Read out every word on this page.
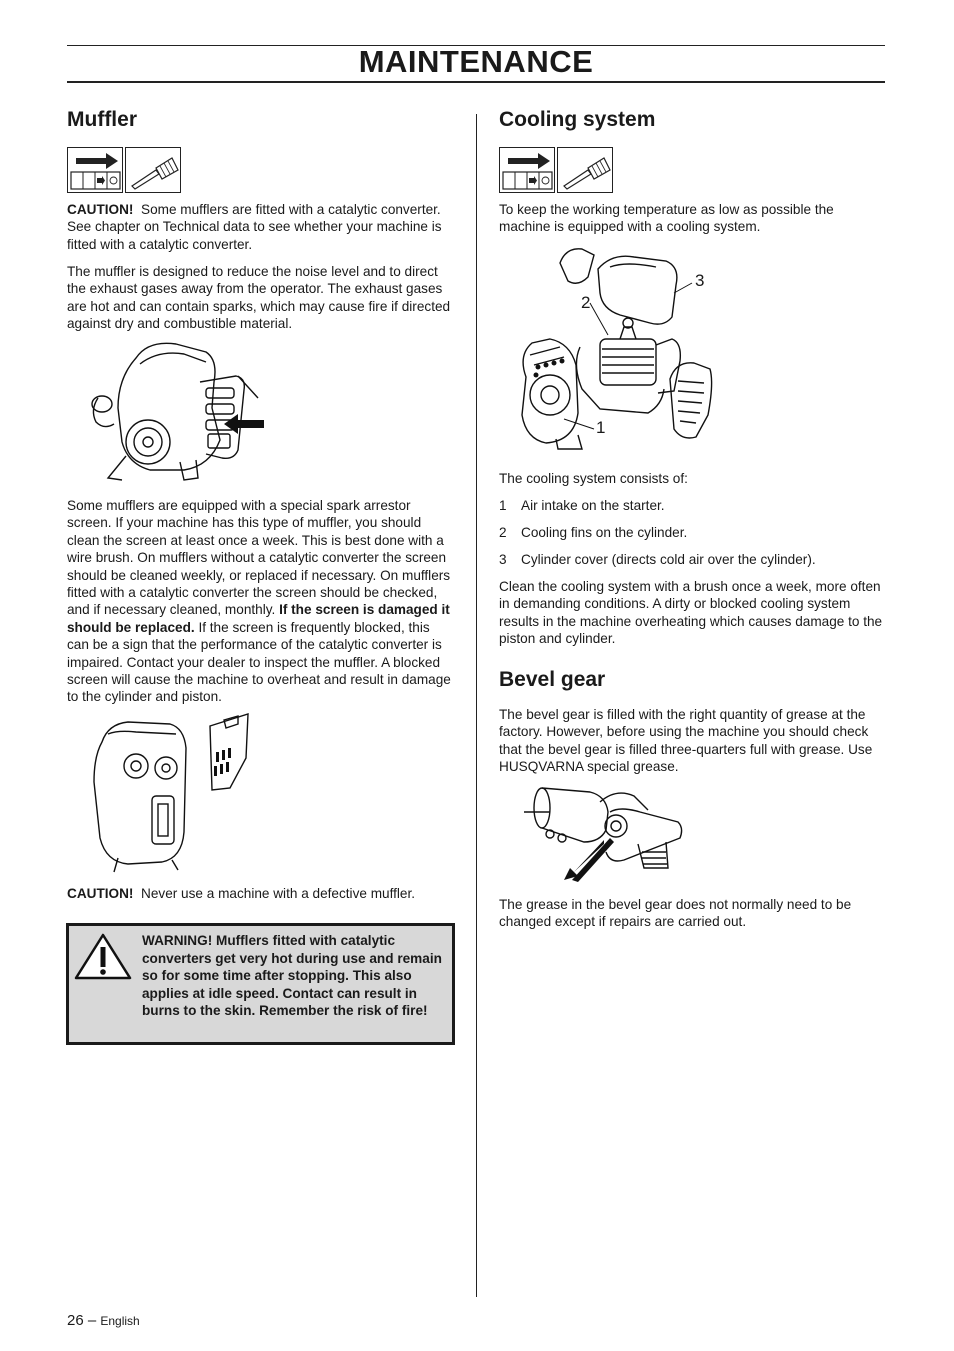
MAINTENANCE
Muffler

CAUTION! Some mufflers are fitted with a catalytic converter. See chapter on Technical data to see whether your machine is fitted with a catalytic converter.

The muffler is designed to reduce the noise level and to direct the exhaust gases away from the operator. The exhaust gases are hot and can contain sparks, which may cause fire if directed against dry and combustible material.

Some mufflers are equipped with a special spark arrestor screen. If your machine has this type of muffler, you should clean the screen at least once a week. This is best done with a wire brush. On mufflers without a catalytic converter the screen should be cleaned weekly, or replaced if necessary. On mufflers fitted with a catalytic converter the screen should be checked, and if necessary cleaned, monthly. If the screen is damaged it should be replaced. If the screen is frequently blocked, this can be a sign that the performance of the catalytic converter is impaired. Contact your dealer to inspect the muffler. A blocked screen will cause the machine to overheat and result in damage to the cylinder and piston.

CAUTION! Never use a machine with a defective muffler.

WARNING! Mufflers fitted with catalytic converters get very hot during use and remain so for some time after stopping. This also applies at idle speed. Contact can result in burns to the skin. Remember the risk of fire!

Cooling system

To keep the working temperature as low as possible the machine is equipped with a cooling system.

2
3
1

The cooling system consists of:

1 Air intake on the starter.
2 Cooling fins on the cylinder.
3 Cylinder cover (directs cold air over the cylinder).

Clean the cooling system with a brush once a week, more often in demanding conditions. A dirty or blocked cooling system results in the machine overheating which causes damage to the piston and cylinder.

Bevel gear

The bevel gear is filled with the right quantity of grease at the factory. However, before using the machine you should check that the bevel gear is filled three-quarters full with grease. Use HUSQVARNA special grease.

The grease in the bevel gear does not normally need to be changed except if repairs are carried out.

26 – English
